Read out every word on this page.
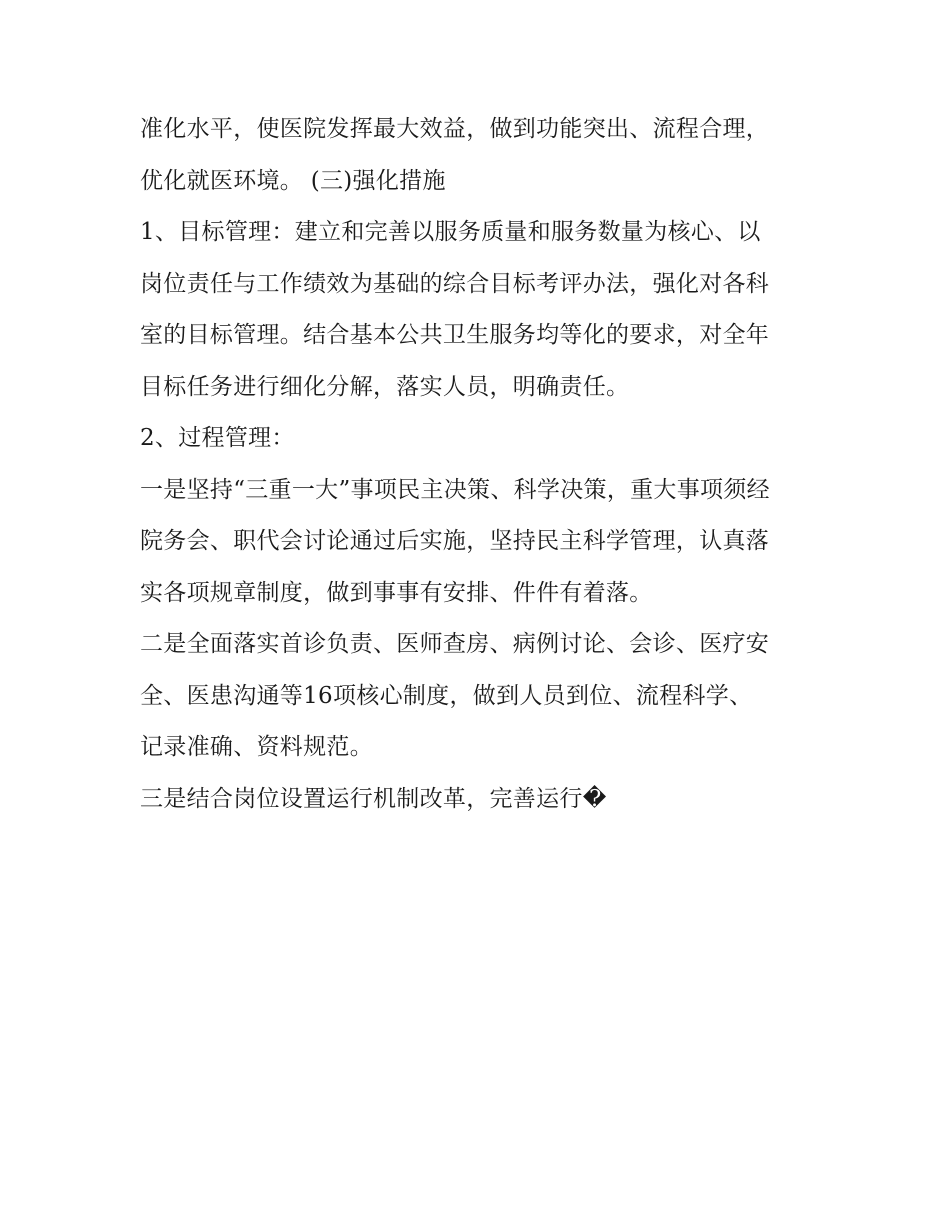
准化水平，使医院发挥最大效益，做到功能突出、流程合理，
优化就医环境。 (三)强化措施
1、目标管理：建立和完善以服务质量和服务数量为核心、以
岗位责任与工作绩效为基础的综合目标考评办法，强化对各科
室的目标管理。结合基本公共卫生服务均等化的要求，对全年
目标任务进行细化分解，落实人员，明确责任。
2、过程管理：
一是坚持“三重一大”事项民主决策、科学决策，重大事项须经
院务会、职代会讨论通过后实施，坚持民主科学管理，认真落
实各项规章制度，做到事事有安排、件件有着落。
二是全面落实首诊负责、医师查房、病例讨论、会诊、医疗安
全、医患沟通等16项核心制度，做到人员到位、流程科学、
记录准确、资料规范。
三是结合岗位设置运行机制改革，完善运行�
